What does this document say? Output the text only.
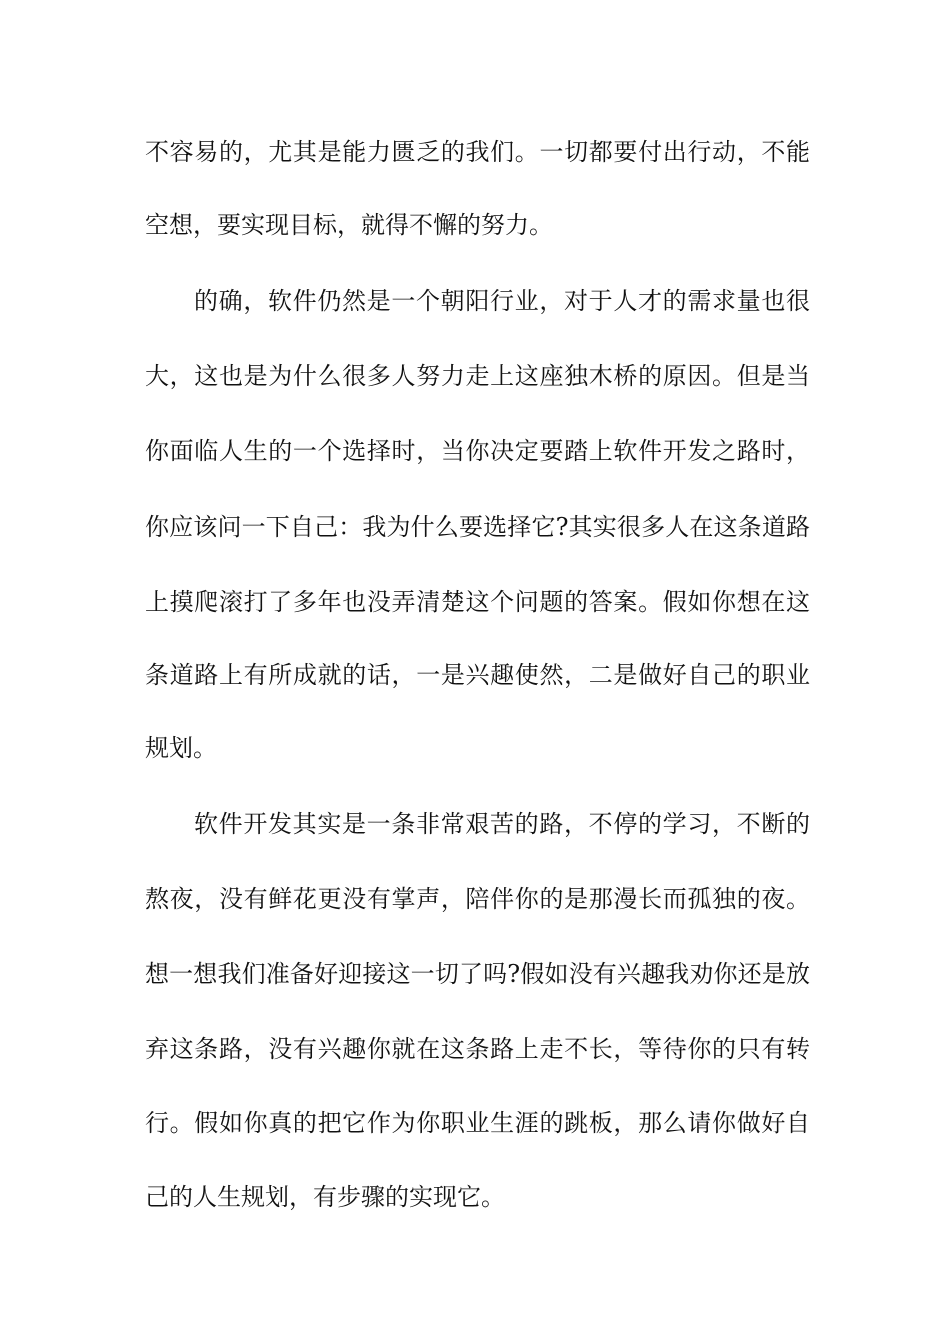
不容易的，尤其是能力匮乏的我们。一切都要付出行动，不能
空想，要实现目标，就得不懈的努力。
的确，软件仍然是一个朝阳行业，对于人才的需求量也很
大，这也是为什么很多人努力走上这座独木桥的原因。但是当
你面临人生的一个选择时，当你决定要踏上软件开发之路时，
你应该问一下自己：我为什么要选择它?其实很多人在这条道路
上摸爬滚打了多年也没弄清楚这个问题的答案。假如你想在这
条道路上有所成就的话，一是兴趣使然，二是做好自己的职业
规划。
软件开发其实是一条非常艰苦的路，不停的学习，不断的
熬夜，没有鲜花更没有掌声，陪伴你的是那漫长而孤独的夜。
想一想我们准备好迎接这一切了吗?假如没有兴趣我劝你还是放
弃这条路，没有兴趣你就在这条路上走不长，等待你的只有转
行。假如你真的把它作为你职业生涯的跳板，那么请你做好自
己的人生规划，有步骤的实现它。
